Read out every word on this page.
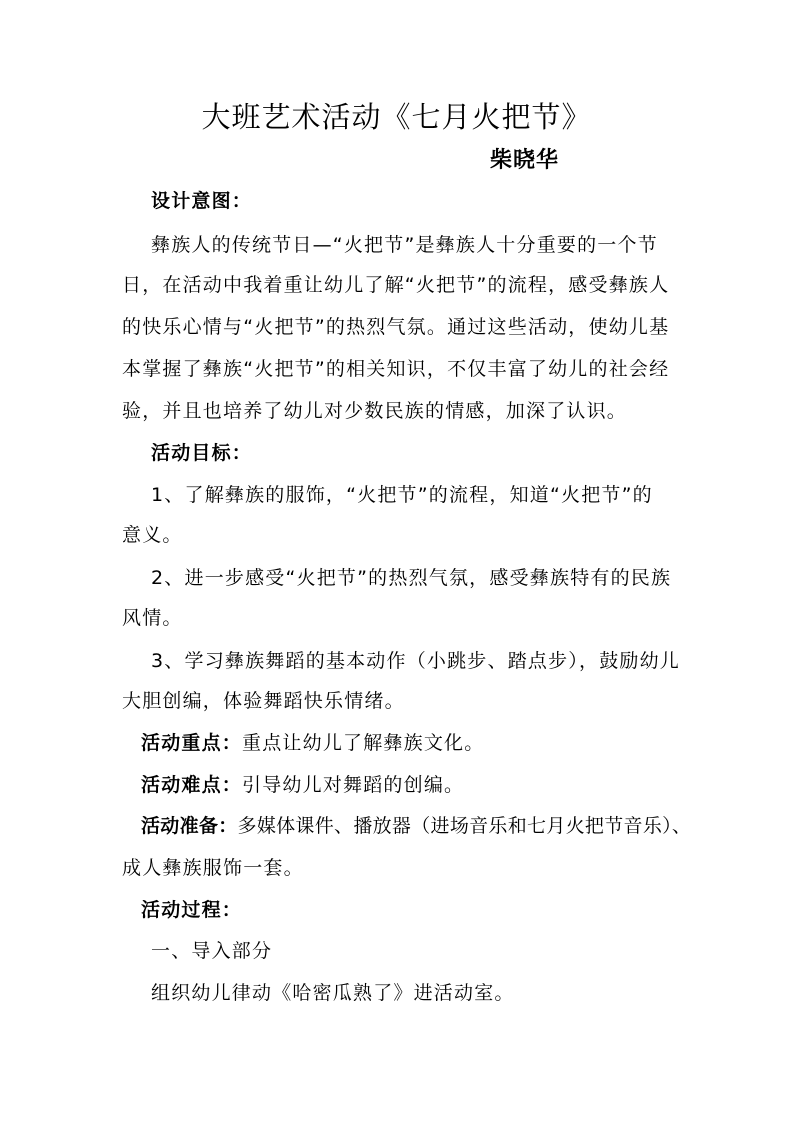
大班艺术活动《七月火把节》
柴晓华
设计意图：
彝族人的传统节日—“火把节”是彝族人十分重要的一个节
日，在活动中我着重让幼儿了解“火把节”的流程，感受彝族人
的快乐心情与“火把节”的热烈气氛。通过这些活动，使幼儿基
本掌握了彝族“火把节”的相关知识，不仅丰富了幼儿的社会经
验，并且也培养了幼儿对少数民族的情感，加深了认识。
活动目标：
1、了解彝族的服饰，“火把节”的流程，知道“火把节”的
意义。
2、进一步感受“火把节”的热烈气氛，感受彝族特有的民族
风情。
3、学习彝族舞蹈的基本动作（小跳步、踏点步），鼓励幼儿
大胆创编，体验舞蹈快乐情绪。
活动重点：重点让幼儿了解彝族文化。
活动难点：引导幼儿对舞蹈的创编。
活动准备：多媒体课件、播放器（进场音乐和七月火把节音乐）、
成人彝族服饰一套。
活动过程：
一、导入部分
组织幼儿律动《哈密瓜熟了》进活动室。
